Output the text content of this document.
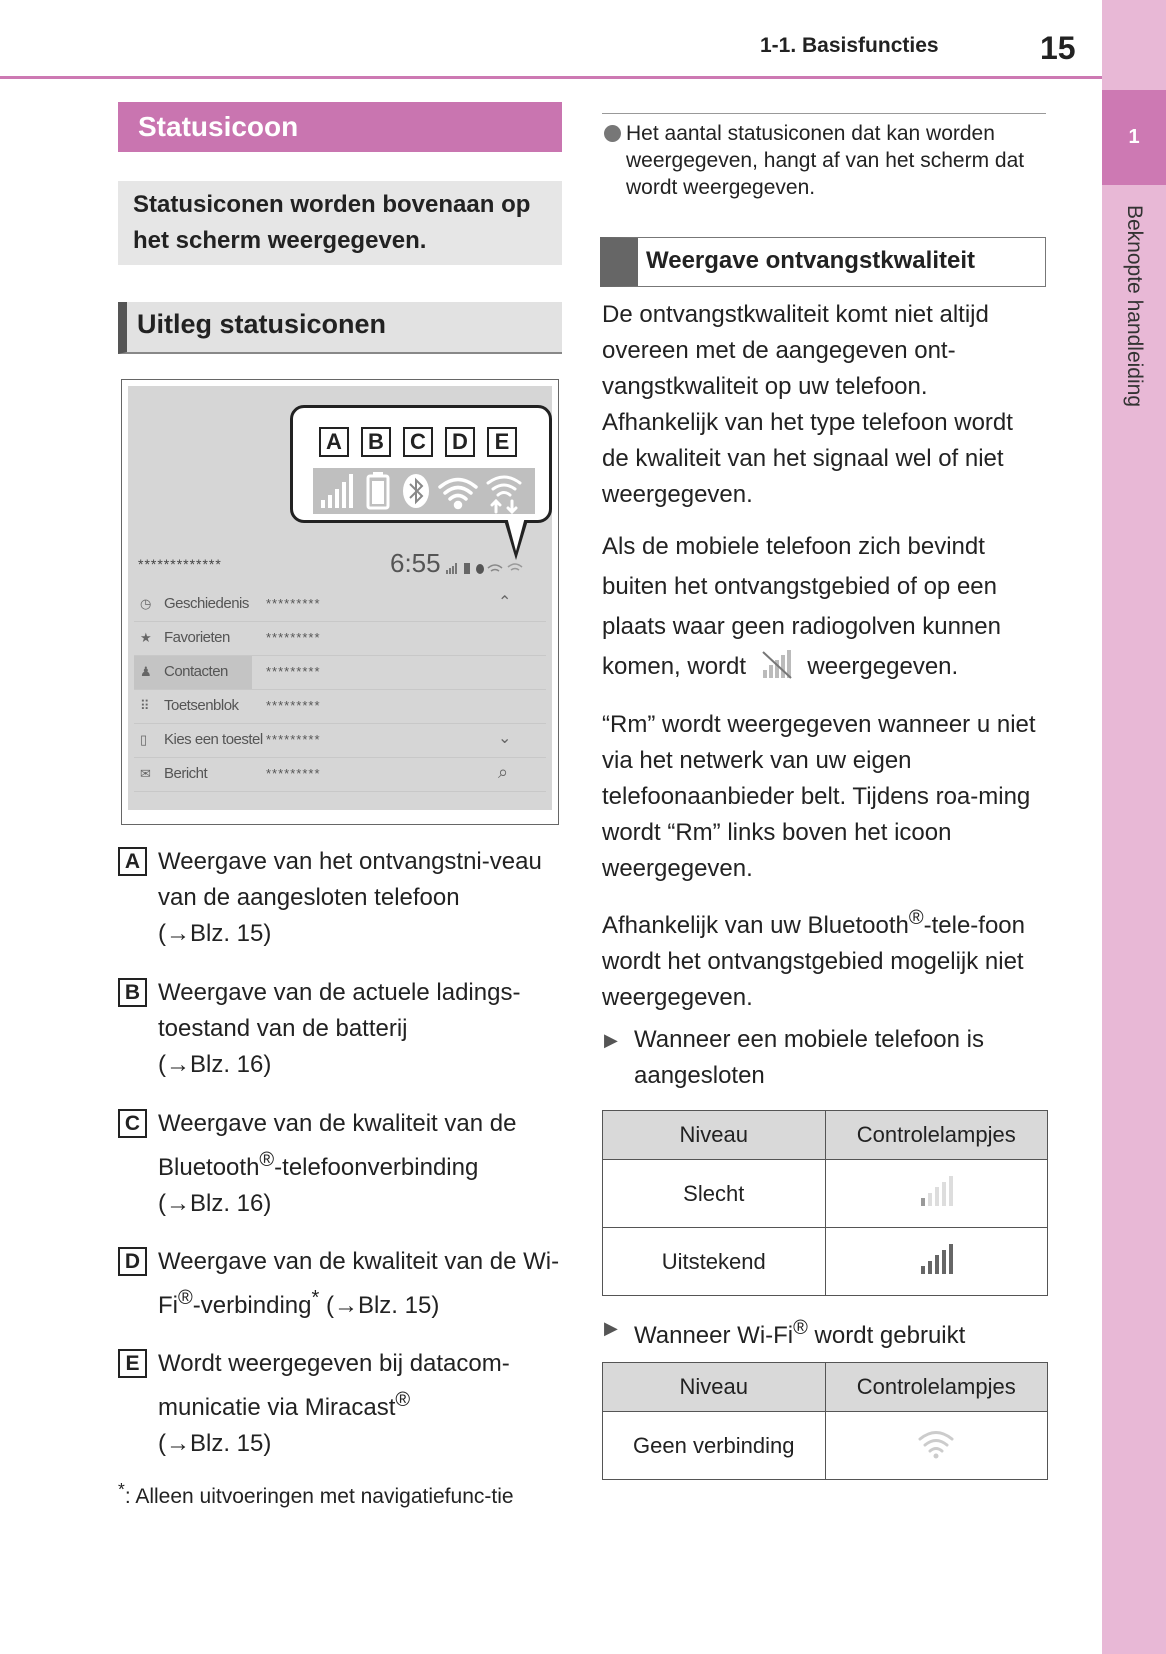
1-1. Basisfuncties	15
1
Beknopte handleiding
Statusicoon
Statusiconen worden bovenaan op het scherm weergegeven.
Uitleg statusiconen
A	B	C	D	E
*************	6:55
◷ Geschiedenis *********	⌃
★ Favorieten	*********
♟ Contacten	*********
⠿ Toetsenblok *********
▯ Kies een toestel *********	⌄
✉ Bericht	*********	⌕
A Weergave van het ontvangstni-veau van de aangesloten telefoon
(→Blz. 15)
B Weergave van de actuele ladings-toestand van de batterij
(→Blz. 16)
C Weergave van de kwaliteit van de Bluetooth®-telefoonverbinding
(→Blz. 16)
D Weergave van de kwaliteit van de Wi-Fi®-verbinding* (→Blz. 15)
E Wordt weergegeven bij datacom-municatie via Miracast®
(→Blz. 15)
*: Alleen uitvoeringen met navigatiefunc-tie
Het aantal statusiconen dat kan worden weergegeven, hangt af van het scherm dat wordt weergegeven.
Weergave ontvangstkwaliteit
De ontvangstkwaliteit komt niet altijd overeen met de aangegeven ont-vangstkwaliteit op uw telefoon. Afhankelijk van het type telefoon wordt de kwaliteit van het signaal wel of niet weergegeven.
Als de mobiele telefoon zich bevindt buiten het ontvangstgebied of op een plaats waar geen radiogolven kunnen komen, wordt	weergegeven.
“Rm” wordt weergegeven wanneer u niet via het netwerk van uw eigen telefoonaanbieder belt. Tijdens roa-ming wordt “Rm” links boven het icoon weergegeven.
Afhankelijk van uw Bluetooth®-tele-foon wordt het ontvangstgebied mogelijk niet weergegeven.
▶ Wanneer een mobiele telefoon is aangesloten
Niveau	Controlelampjes
Slecht	
Uitstekend	
▶ Wanneer Wi-Fi® wordt gebruikt
Niveau	Controlelampjes
Geen verbinding	
